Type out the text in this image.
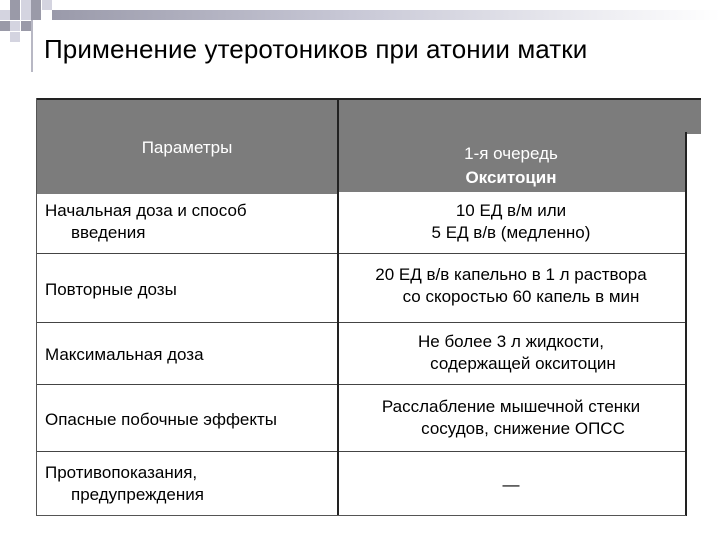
Применение утеротоников при атонии матки
Параметры	1-я очередь
Окситоцин
Начальная доза и способ
введения
10 ЕД в/м или
5 ЕД в/в (медленно)
Повторные дозы
20 ЕД в/в капельно в 1 л раствора
со скоростью 60 капель в мин
Максимальная доза
Не более 3 л жидкости,
содержащей окситоцин
Опасные побочные эффекты
Расслабление мышечной стенки
сосудов, снижение ОПСС
Противопоказания,
предупреждения
—
